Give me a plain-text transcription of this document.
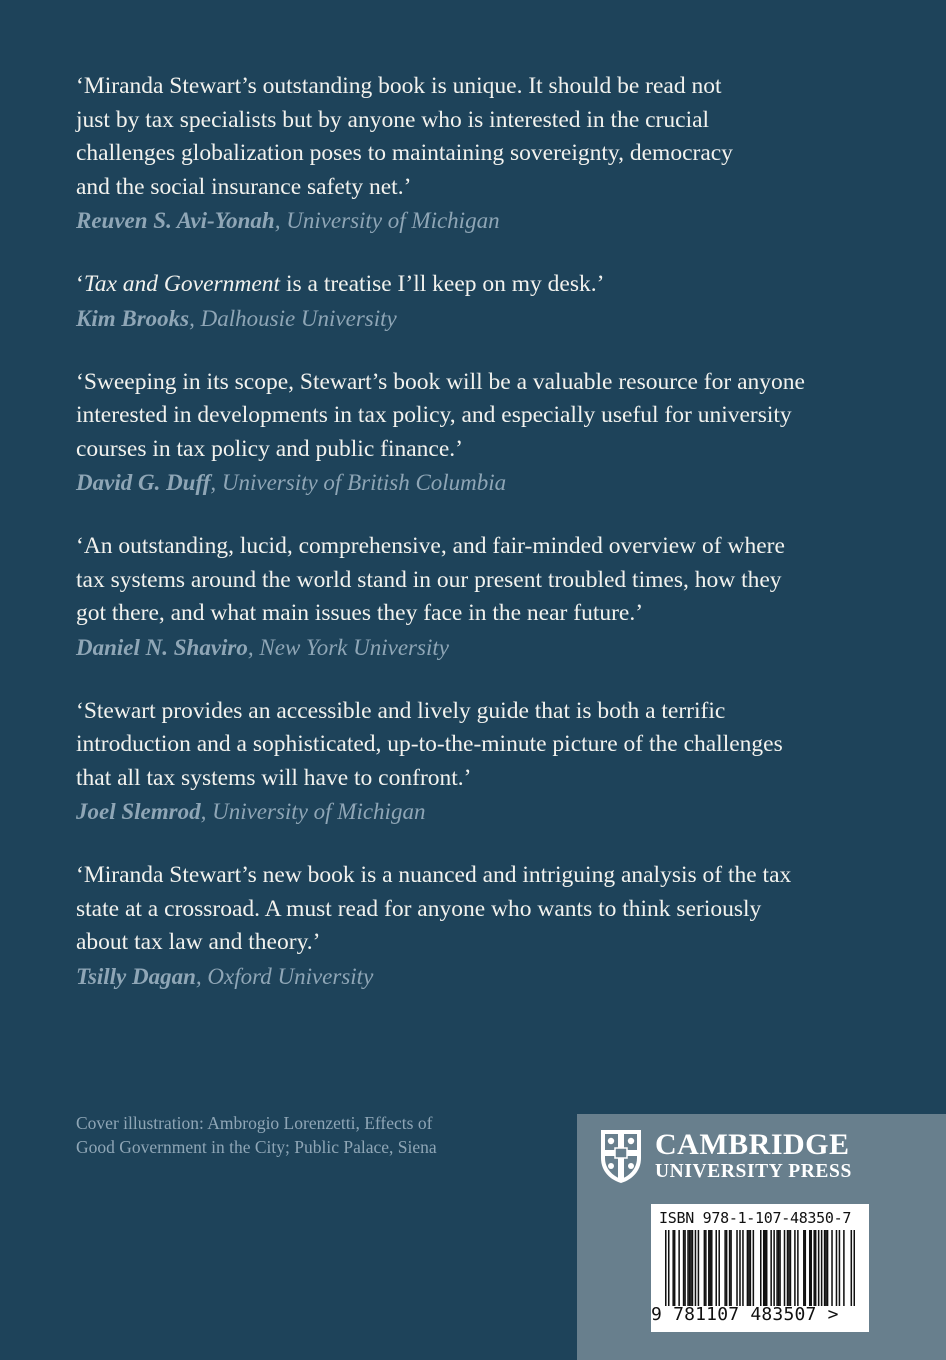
‘Miranda Stewart’s outstanding book is unique. It should be read not
just by tax specialists but by anyone who is interested in the crucial
challenges globalization poses to maintaining sovereignty, democracy
and the social insurance safety net.’

Reuven S. Avi-Yonah, University of Michigan

‘Tax and Government is a treatise I’ll keep on my desk.’

Kim Brooks, Dalhousie University

‘Sweeping in its scope, Stewart’s book will be a valuable resource for anyone
interested in developments in tax policy, and especially useful for university
courses in tax policy and public finance.’

David G. Duff, University of British Columbia

‘An outstanding, lucid, comprehensive, and fair-minded overview of where
tax systems around the world stand in our present troubled times, how they
got there, and what main issues they face in the near future.’

Daniel N. Shaviro, New York University

‘Stewart provides an accessible and lively guide that is both a terrific
introduction and a sophisticated, up-to-the-minute picture of the challenges
that all tax systems will have to confront.’

Joel Slemrod, University of Michigan

‘Miranda Stewart’s new book is a nuanced and intriguing analysis of the tax
state at a crossroad. A must read for anyone who wants to think seriously
about tax law and theory.’

Tsilly Dagan, Oxford University

Cover illustration: Ambrogio Lorenzetti, Effects of
Good Government in the City; Public Palace, Siena	CAMBRIDGE
UNIVERSITY PRESS
ISBN 978-1-107-48350-7
9 781107 483507 >
